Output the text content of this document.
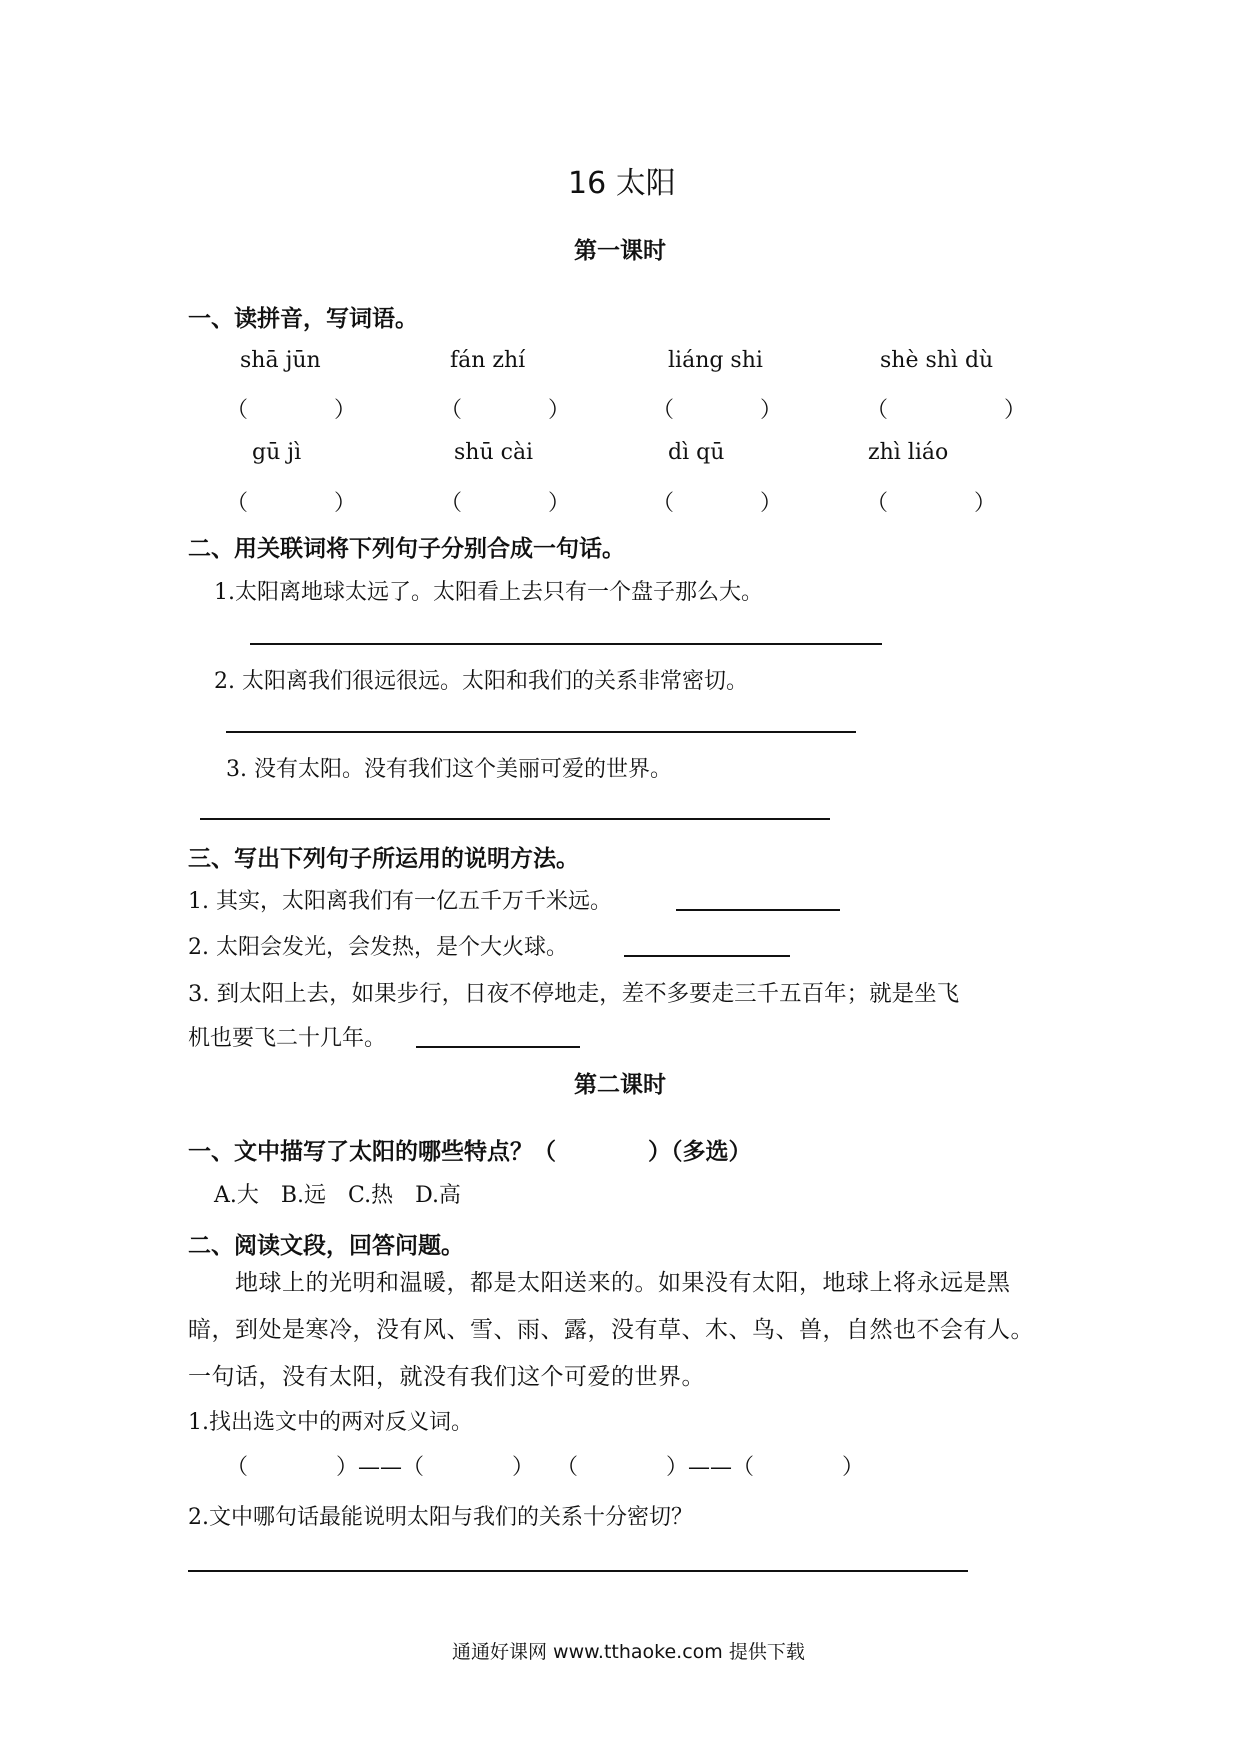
16 太阳
第一课时
一、读拼音，写词语。
shā jūn	fán zhí	liáng shi	shè shì dù
（	）	（	）	（	）	（	）
gū jì	shū cài	dì qū	zhì liáo
（	）	（	）	（	）	（	）
二、用关联词将下列句子分别合成一句话。
1.太阳离地球太远了。太阳看上去只有一个盘子那么大。
2. 太阳离我们很远很远。太阳和我们的关系非常密切。
3. 没有太阳。没有我们这个美丽可爱的世界。
三、写出下列句子所运用的说明方法。
1. 其实，太阳离我们有一亿五千万千米远。
2. 太阳会发光，会发热，是个大火球。
3. 到太阳上去，如果步行，日夜不停地走，差不多要走三千五百年；就是坐飞
机也要飞二十几年。
第二课时
一、文中描写了太阳的哪些特点？（　　　　）（多选）
A.大　B.远　C.热　D.高
二、阅读文段，回答问题。

　　地球上的光明和温暖，都是太阳送来的。如果没有太阳，地球上将永远是黑

暗，到处是寒冷，没有风、雪、雨、露，没有草、木、鸟、兽，自然也不会有人。

一句话，没有太阳，就没有我们这个可爱的世界。

1.找出选文中的两对反义词。
（　　　　）——（　　　　）　　（　　　　）——（　　　　）
2.文中哪句话最能说明太阳与我们的关系十分密切？
通通好课网 www.tthaoke.com 提供下载
